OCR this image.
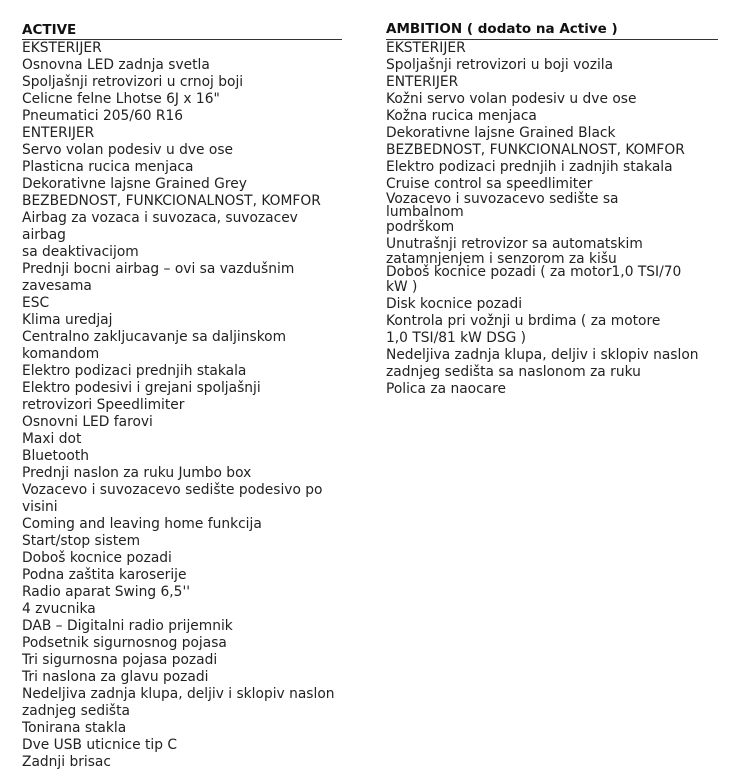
ACTIVE
EKSTERIJER
Osnovna LED zadnja svetla
Spoljašnji retrovizori u crnoj boji
Celicne felne Lhotse 6J x 16"
Pneumatici 205/60 R16
ENTERIJER
Servo volan podesiv u dve ose
Plasticna rucica menjaca
Dekorativne lajsne Grained Grey
BEZBEDNOST, FUNKCIONALNOST, KOMFOR
Airbag za vozaca i suvozaca, suvozacev
airbag
sa deaktivacijom
Prednji bocni airbag – ovi sa vazdušnim
zavesama
ESC
Klima uredjaj
Centralno zaklјucavanje sa daljinskom
komandom
Elektro podizaci prednjih stakala
Elektro podesivi i grejani spoljašnji
retrovizori Speedlimiter
Osnovni LED farovi
Maxi dot
Bluetooth
Prednji naslon za ruku Jumbo box
Vozacevo i suvozacevo sedište podesivo po
visini
Coming and leaving home funkcija
Start/stop sistem
Doboš kocnice pozadi
Podna zaštita karoserije
Radio aparat Swing 6,5''
4 zvucnika
DAB – Digitalni radio prijemnik
Podsetnik sigurnosnog pojasa
Tri sigurnosna pojasa pozadi
Tri naslona za glavu pozadi
Nedeljiva zadnja klupa, deljiv i sklopiv naslon
zadnjeg sedišta
Tonirana stakla
Dve USB uticnice tip C
Zadnji brisac
AMBITION ( dodato na Active )
EKSTERIJER
Spoljašnji retrovizori u boji vozila
ENTERIJER
Kožni servo volan podesiv u dve ose
Kožna rucica menjaca
Dekorativne lajsne Grained Black
BEZBEDNOST, FUNKCIONALNOST, KOMFOR
Elektro podizaci prednjih i zadnjih stakala
Cruise control sa speedlimiter
Vozacevo i suvozacevo sedište sa
lumbalnom
podrškom
Unutrašnji retrovizor sa automatskim
zatamnjenjem i senzorom za kišu
Doboš kocnice pozadi ( za motor1,0 TSI/70
kW )
Disk kocnice pozadi
Kontrola pri vožnji u brdima ( za motore
1,0 TSI/81 kW DSG )
Nedeljiva zadnja klupa, deljiv i sklopiv naslon
zadnjeg sedišta sa naslonom za ruku
Polica za naocare
